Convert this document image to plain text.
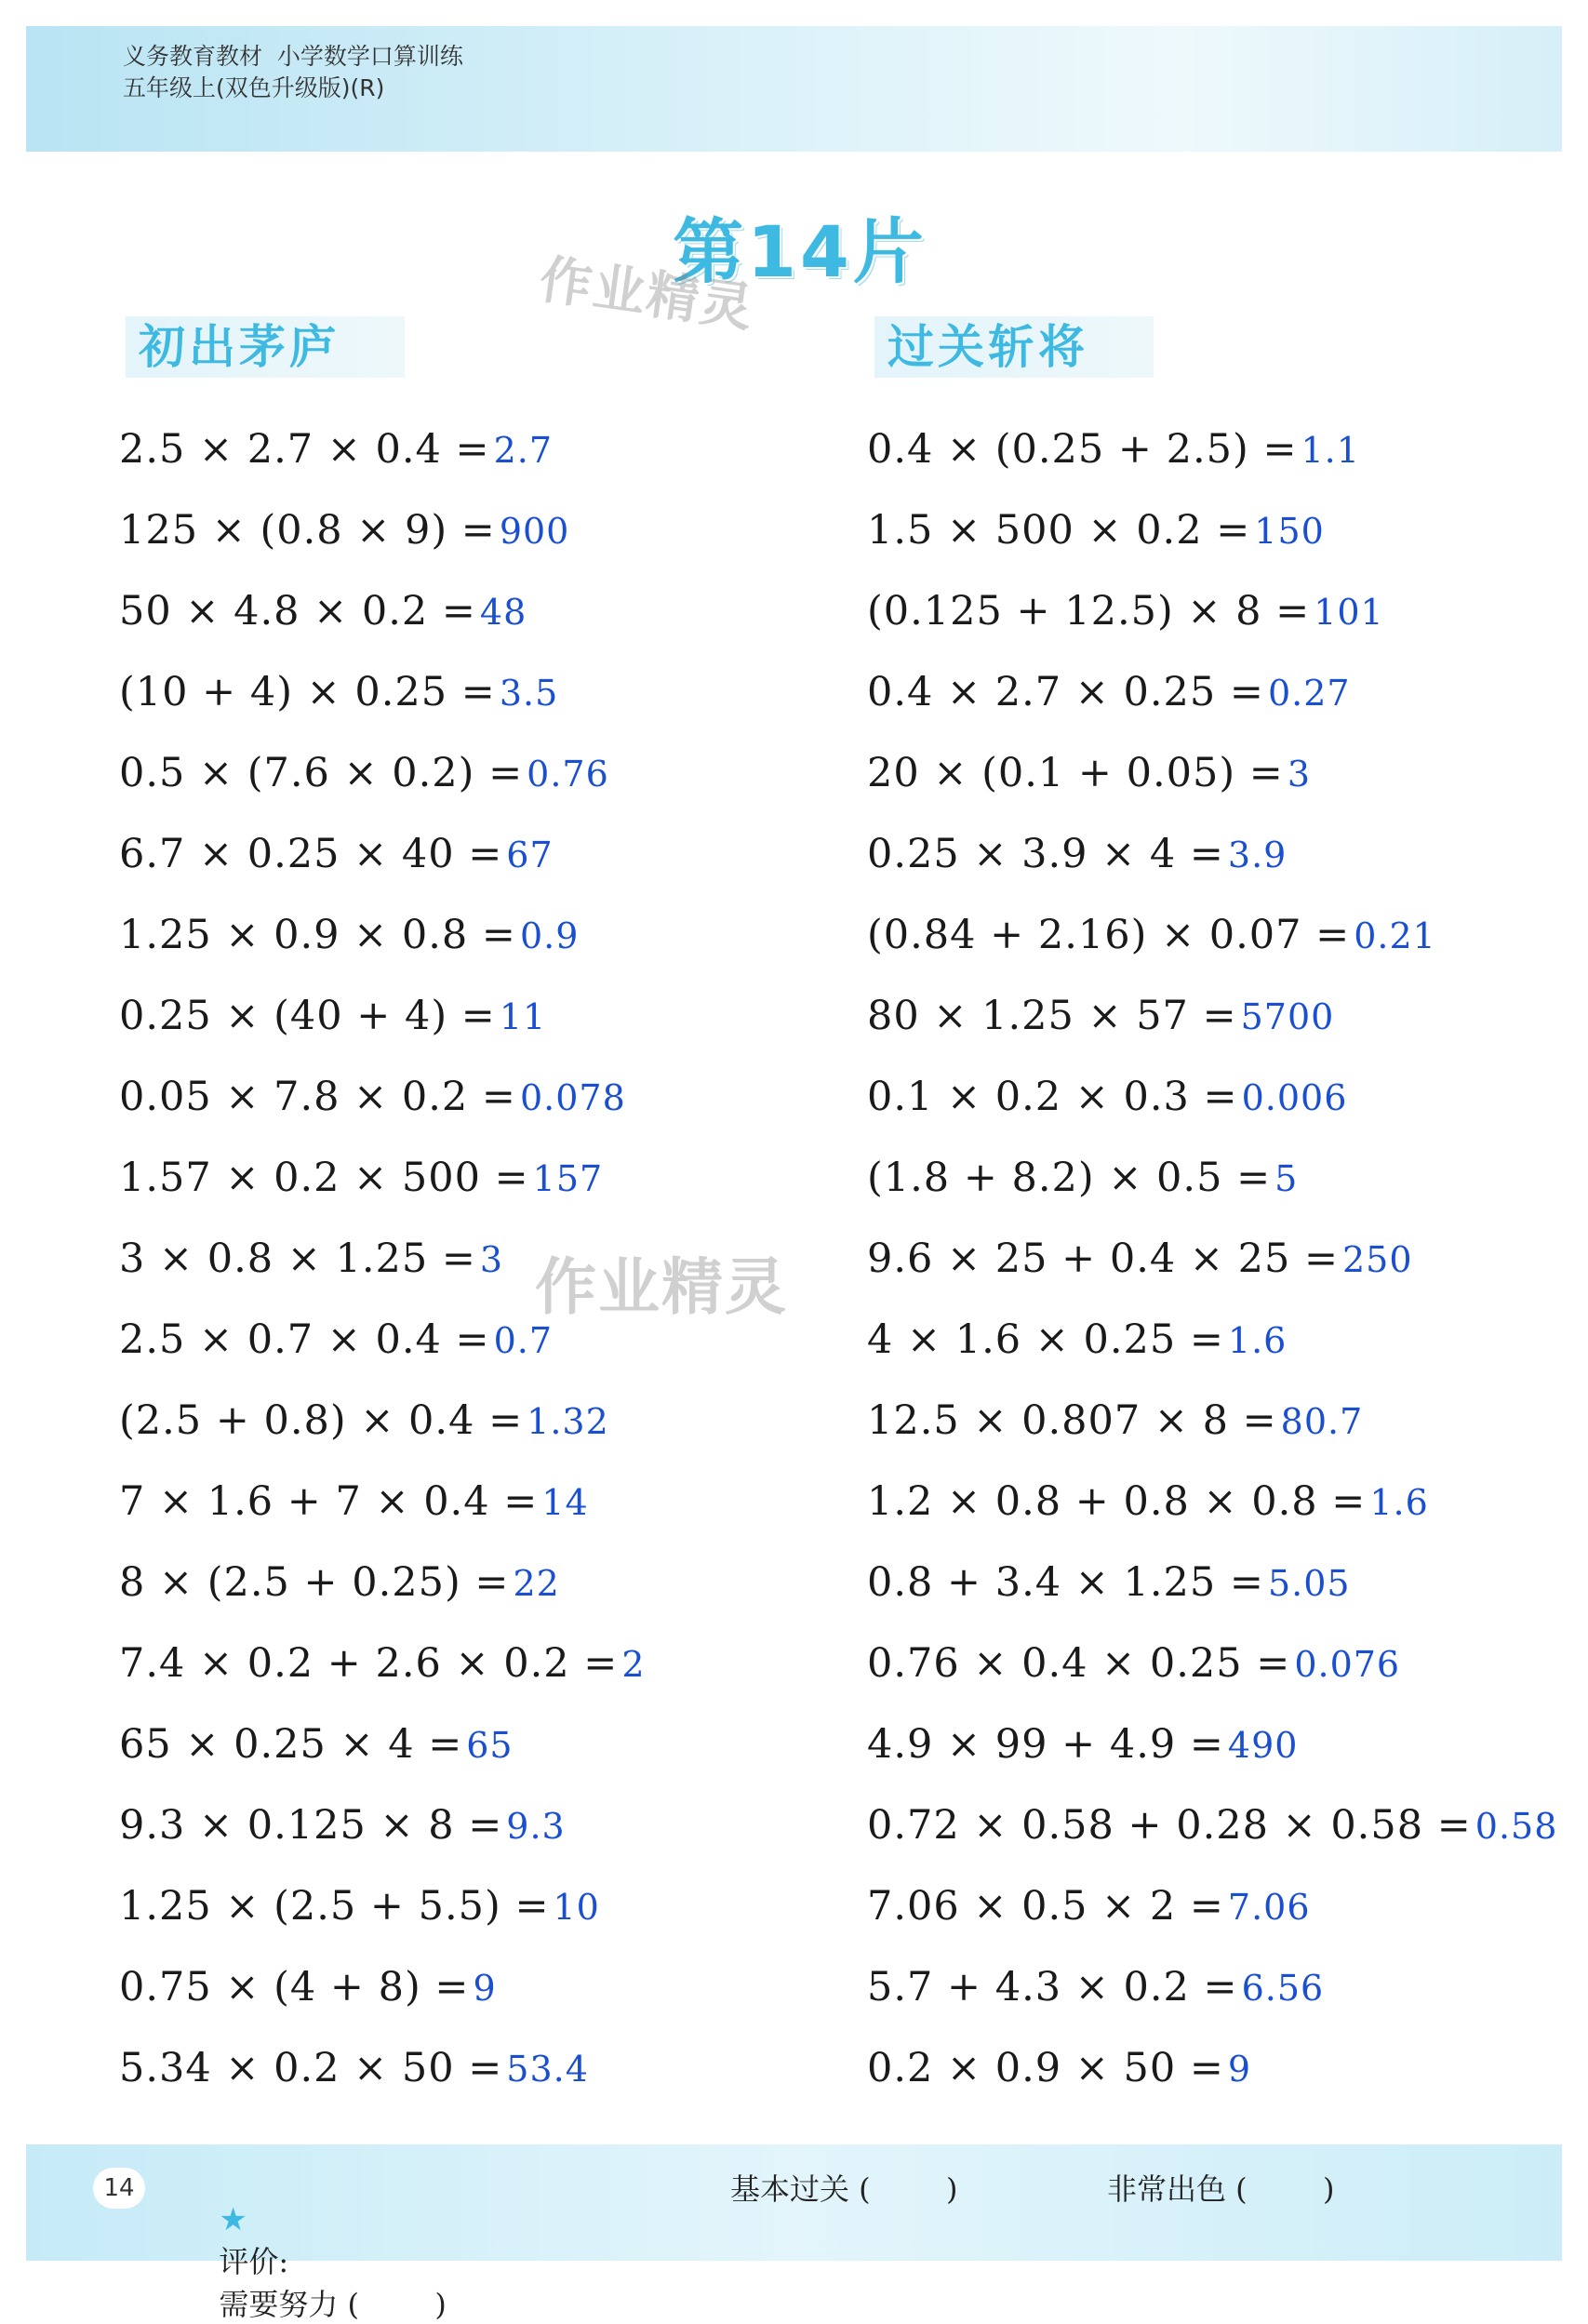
义务教育教材  小学数学口算训练
五年级上(双色升级版)(R)
第14片
作业精灵
作业精灵
初出茅庐	过关斩将
2.5 × 2.7 × 0.4 = 2.7
125 × (0.8 × 9) = 900
50 × 4.8 × 0.2 = 48
(10 + 4) × 0.25 = 3.5
0.5 × (7.6 × 0.2) = 0.76
6.7 × 0.25 × 40 = 67
1.25 × 0.9 × 0.8 = 0.9
0.25 × (40 + 4) = 11
0.05 × 7.8 × 0.2 = 0.078
1.57 × 0.2 × 500 = 157
3 × 0.8 × 1.25 = 3
2.5 × 0.7 × 0.4 = 0.7
(2.5 + 0.8) × 0.4 = 1.32
7 × 1.6 + 7 × 0.4 = 14
8 × (2.5 + 0.25) = 22
7.4 × 0.2 + 2.6 × 0.2 = 2
65 × 0.25 × 4 = 65
9.3 × 0.125 × 8 = 9.3
1.25 × (2.5 + 5.5) = 10
0.75 × (4 + 8) = 9
5.34 × 0.2 × 50 = 53.4
0.4 × (0.25 + 2.5) = 1.1
1.5 × 500 × 0.2 = 150
(0.125 + 12.5) × 8 = 101
0.4 × 2.7 × 0.25 = 0.27
20 × (0.1 + 0.05) = 3
0.25 × 3.9 × 4 = 3.9
(0.84 + 2.16) × 0.07 = 0.21
80 × 1.25 × 57 = 5700
0.1 × 0.2 × 0.3 = 0.006
(1.8 + 8.2) × 0.5 = 5
9.6 × 25 + 0.4 × 25 = 250
4 × 1.6 × 0.25 = 1.6
12.5 × 0.807 × 8 = 80.7
1.2 × 0.8 + 0.8 × 0.8 = 1.6
0.8 + 3.4 × 1.25 = 5.05
0.76 × 0.4 × 0.25 = 0.076
4.9 × 99 + 4.9 = 490
0.72 × 0.58 + 0.28 × 0.58 = 0.58
7.06 × 0.5 × 2 = 7.06
5.7 + 4.3 × 0.2 = 6.56
0.2 × 0.9 × 50 = 9
14

★
评价:
需要努力 (        )

基本过关 (        )	非常出色 (        )
